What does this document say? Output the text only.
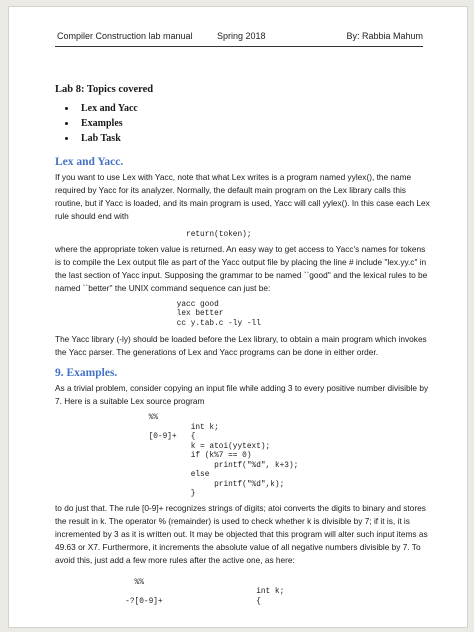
Compiler Construction lab manual	Spring 2018	By: Rabbia Mahum
Lab 8: Topics covered
• Lex and Yacc
• Examples
• Lab Task
Lex and Yacc.

If you want to use Lex with Yacc, note that what Lex writes is a program named yylex(), the name required by Yacc for its analyzer. Normally, the default main program on the Lex library calls this routine, but if Yacc is loaded, and its main program is used, Yacc will call yylex(). In this case each Lex rule should end with

return(token);

where the appropriate token value is returned. An easy way to get access to Yacc's names for tokens is to compile the Lex output file as part of the Yacc output file by placing the line # include "lex.yy.c" in the last section of Yacc input. Supposing the grammar to be named ``good'' and the lexical rules to be named ``better'' the UNIX command sequence can just be:

yacc good
lex better
cc y.tab.c -ly -ll

The Yacc library (-ly) should be loaded before the Lex library, to obtain a main program which invokes the Yacc parser. The generations of Lex and Yacc programs can be done in either order.

9. Examples.

As a trivial problem, consider copying an input file while adding 3 to every positive number divisible by 7. Here is a suitable Lex source program

%%
int k;
[0-9]+   {
k = atoi(yytext);
if (k%7 == 0)
printf("%d", k+3);
else
printf("%d",k);
}

to do just that. The rule [0-9]+ recognizes strings of digits; atoi converts the digits to binary and stores the result in k. The operator % (remainder) is used to check whether k is divisible by 7; if it is, it is incremented by 3 as it is written out. It may be objected that this program will alter such input items as 49.63 or X7. Furthermore, it increments the absolute value of all negative numbers divisible by 7. To avoid this, just add a few more rules after the active one, as here:

%%
int k;
-?[0-9]+                    {
